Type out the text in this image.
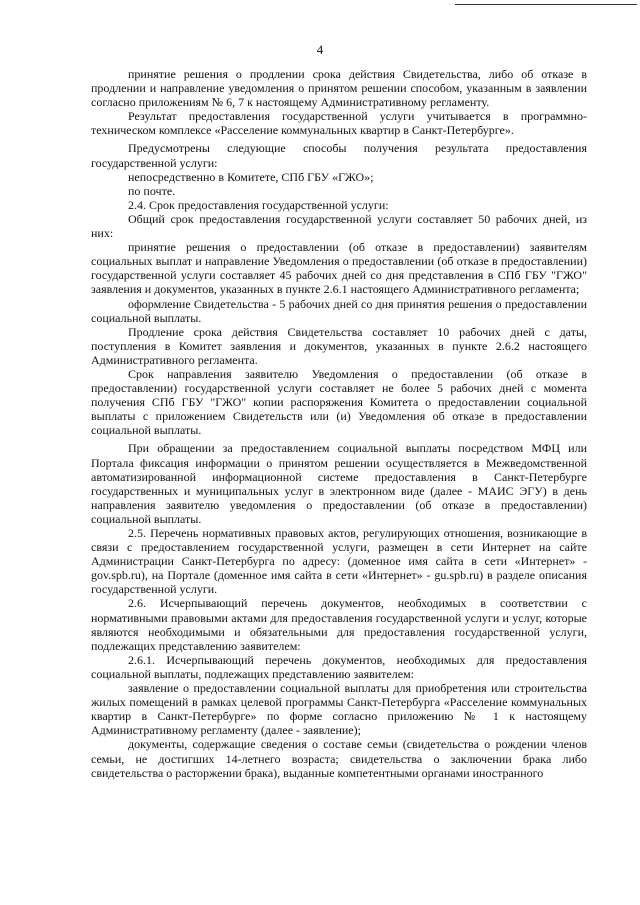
4

принятие решения о продлении срока действия Свидетельства, либо об отказе в продлении и направление уведомления о принятом решении способом, указанным в заявлении согласно приложениям № 6, 7 к настоящему Административному регламенту.

Результат предоставления государственной услуги учитывается в программно-техническом комплексе «Расселение коммунальных квартир в Санкт-Петербурге».

Предусмотрены следующие способы получения результата предоставления государственной услуги:

непосредственно в Комитете, СПб ГБУ «ГЖО»;

по почте.

2.4. Срок предоставления государственной услуги:

Общий срок предоставления государственной услуги составляет 50 рабочих дней, из них:

принятие решения о предоставлении (об отказе в предоставлении) заявителям социальных выплат и направление Уведомления о предоставлении (об отказе в предоставлении) государственной услуги составляет 45 рабочих дней со дня представления в СПб ГБУ "ГЖО" заявления и документов, указанных в пункте 2.6.1 настоящего Административного регламента;

оформление Свидетельства - 5 рабочих дней со дня принятия решения о предоставлении социальной выплаты.

Продление срока действия Свидетельства составляет 10 рабочих дней с даты, поступления в Комитет заявления и документов, указанных в пункте 2.6.2 настоящего Административного регламента.

Срок направления заявителю Уведомления о предоставлении (об отказе в предоставлении) государственной услуги составляет не более 5 рабочих дней с момента получения СПб ГБУ "ГЖО" копии распоряжения Комитета о предоставлении социальной выплаты с приложением Свидетельств или (и) Уведомления об отказе в предоставлении социальной выплаты.

При обращении за предоставлением социальной выплаты посредством МФЦ или Портала фиксация информации о принятом решении осуществляется в Межведомственной автоматизированной информационной системе предоставления в Санкт-Петербурге государственных и муниципальных услуг в электронном виде (далее - МАИС ЭГУ) в день направления заявителю уведомления о предоставлении (об отказе в предоставлении) социальной выплаты.

2.5. Перечень нормативных правовых актов, регулирующих отношения, возникающие в связи с предоставлением государственной услуги, размещен в сети Интернет на сайте Администрации Санкт-Петербурга по адресу: (доменное имя сайта в сети «Интернет» - gov.spb.ru), на Портале (доменное имя сайта в сети «Интернет» - gu.spb.ru) в разделе описания государственной услуги.

2.6. Исчерпывающий перечень документов, необходимых в соответствии с нормативными правовыми актами для предоставления государственной услуги и услуг, которые являются необходимыми и обязательными для предоставления государственной услуги, подлежащих представлению заявителем:

2.6.1. Исчерпывающий перечень документов, необходимых для предоставления социальной выплаты, подлежащих представлению заявителем:

заявление о предоставлении социальной выплаты для приобретения или строительства жилых помещений в рамках целевой программы Санкт-Петербурга «Расселение коммунальных квартир в Санкт-Петербурге» по форме согласно приложению № 1 к настоящему Административному регламенту (далее - заявление);

документы, содержащие сведения о составе семьи (свидетельства о рождении членов семьи, не достигших 14-летнего возраста; свидетельства о заключении брака либо свидетельства о расторжении брака), выданные компетентными органами иностранного
